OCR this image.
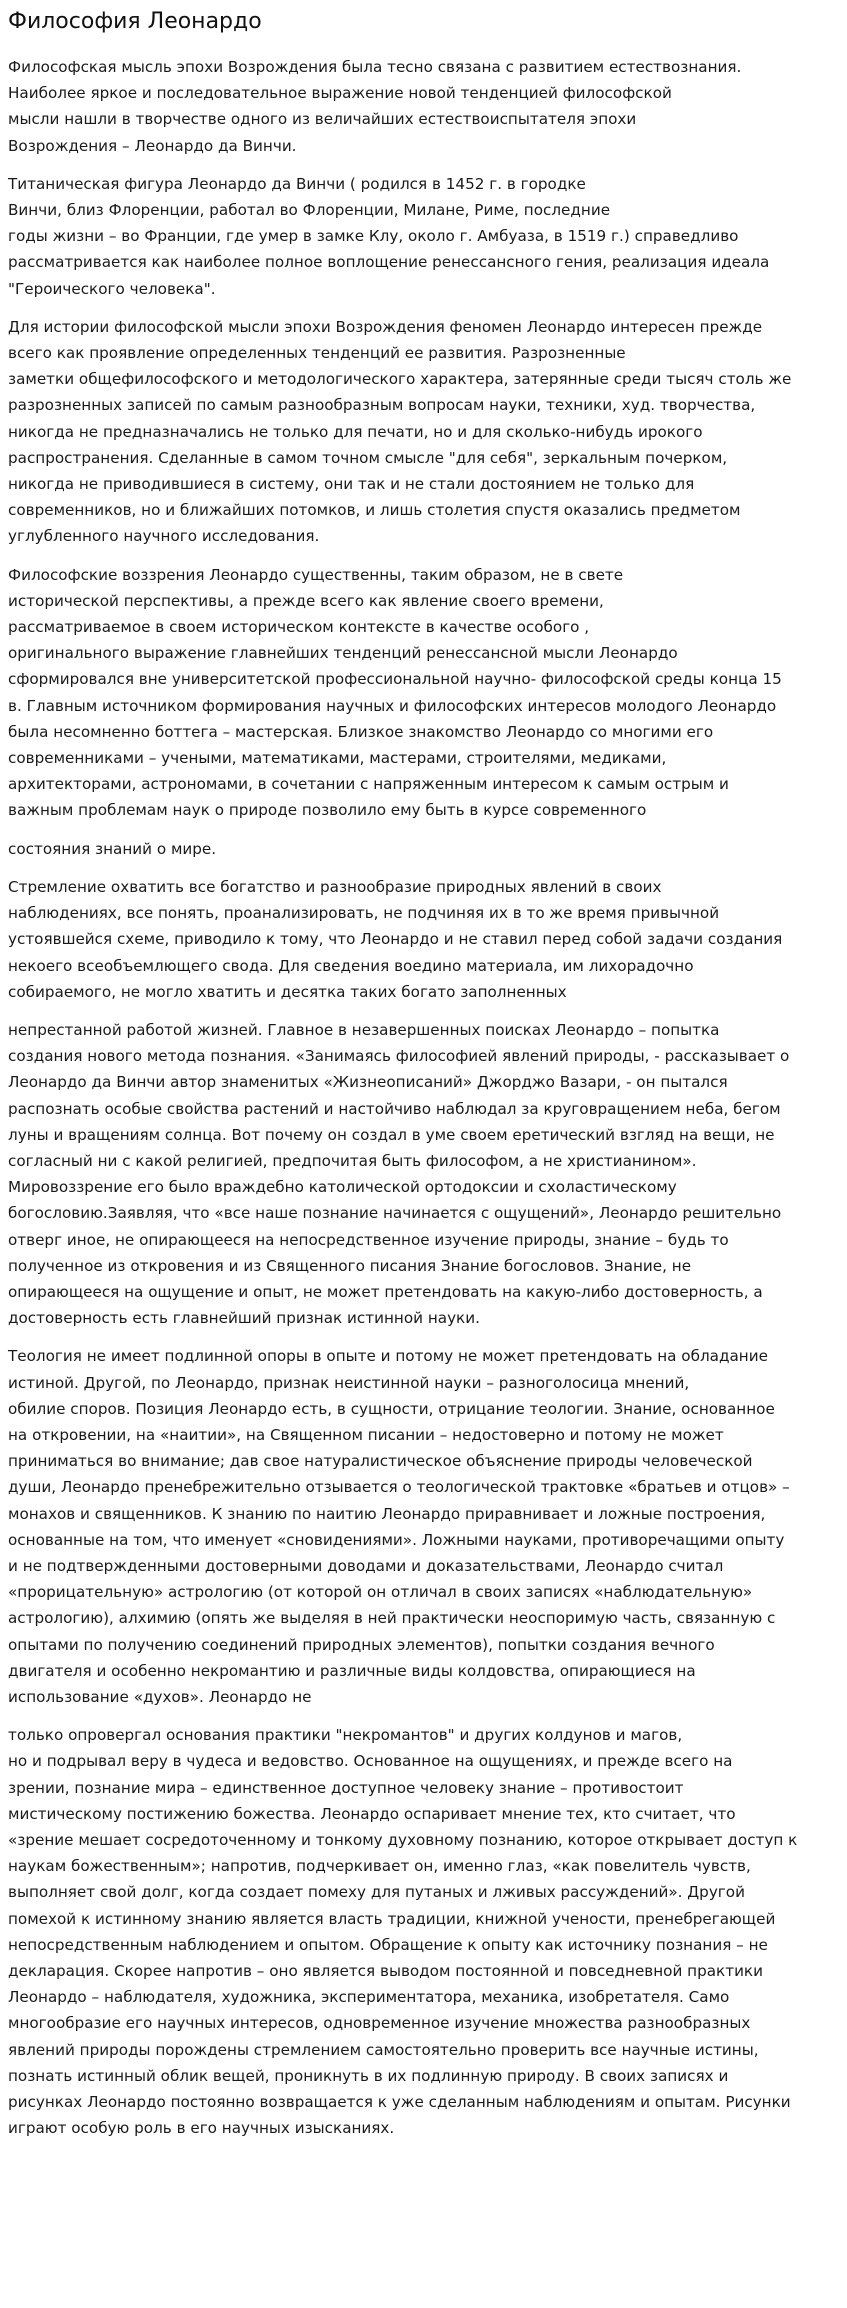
Философия Леонардо

Философская мысль эпохи Возрождения была тесно связана с развитием естествознания.
Наиболее яркое и последовательное выражение новой тенденцией философской
мысли нашли в творчестве одного из величайших естествоиспытателя эпохи
Возрождения – Леонардо да Винчи.

Титаническая фигура Леонардо да Винчи ( родился в 1452 г. в городке
Винчи, близ Флоренции, работал во Флоренции, Милане, Риме, последние
годы жизни – во Франции, где умер в замке Клу, около г. Амбуаза, в 1519 г.) справедливо
рассматривается как наиболее полное воплощение ренессансного гения, реализация идеала
"Героического человека".

Для истории философской мысли эпохи Возрождения феномен Леонардо интересен прежде
всего как проявление определенных тенденций ее развития. Разрозненные
заметки общефилософского и методологического характера, затерянные среди тысяч столь же
разрозненных записей по самым разнообразным вопросам науки, техники, худ. творчества,
никогда не предназначались не только для печати, но и для сколько-нибудь ирокого
распространения. Сделанные в самом точном смысле "для себя", зеркальным почерком,
никогда не приводившиеся в систему, они так и не стали достоянием не только для
современников, но и ближайших потомков, и лишь столетия спустя оказались предметом
углубленного научного исследования.

Философские воззрения Леонардо существенны, таким образом, не в свете
исторической перспективы, а прежде всего как явление своего времени,
рассматриваемое в своем историческом контексте в качестве особого ,
оригинального выражение главнейших тенденций ренессансной мысли Леонардо
сформировался вне университетской профессиональной научно- философской среды конца 15
в. Главным источником формирования научных и философских интересов молодого Леонардо
была несомненно боттега – мастерская. Близкое знакомство Леонардо со многими его
современниками – учеными, математиками, мастерами, строителями, медиками,
архитекторами, астрономами, в сочетании с напряженным интересом к самым острым и
важным проблемам наук о природе позволило ему быть в курсе современного

состояния знаний о мире.

Стремление охватить все богатство и разнообразие природных явлений в своих
наблюдениях, все понять, проанализировать, не подчиняя их в то же время привычной
устоявшейся схеме, приводило к тому, что Леонардо и не ставил перед собой задачи создания
некоего всеобъемлющего свода. Для сведения воедино материала, им лихорадочно
собираемого, не могло хватить и десятка таких богато заполненных

непрестанной работой жизней. Главное в незавершенных поисках Леонардо – попытка
создания нового метода познания. «Занимаясь философией явлений природы, - рассказывает о
Леонардо да Винчи автор знаменитых «Жизнеописаний» Джорджо Вазари, - он пытался
распознать особые свойства растений и настойчиво наблюдал за круговращением неба, бегом
луны и вращениям солнца. Вот почему он создал в уме своем еретический взгляд на вещи, не
согласный ни с какой религией, предпочитая быть философом, а не христианином».
Мировоззрение его было враждебно католической ортодоксии и схоластическому
богословию.Заявляя, что «все наше познание начинается с ощущений», Леонардо решительно
отверг иное, не опирающееся на непосредственное изучение природы, знание – будь то
полученное из откровения и из Священного писания Знание богословов. Знание, не
опирающееся на ощущение и опыт, не может претендовать на какую-либо достоверность, а
достоверность есть главнейший признак истинной науки.

Теология не имеет подлинной опоры в опыте и потому не может претендовать на обладание
истиной. Другой, по Леонардо, признак неистинной науки – разноголосица мнений,
обилие споров. Позиция Леонардо есть, в сущности, отрицание теологии. Знание, основанное
на откровении, на «наитии», на Священном писании – недостоверно и потому не может
приниматься во внимание; дав свое натуралистическое объяснение природы человеческой
души, Леонардо пренебрежительно отзывается о теологической трактовке «братьев и отцов» –
монахов и священников. К знанию по наитию Леонардо приравнивает и ложные построения,
основанные на том, что именует «сновидениями». Ложными науками, противоречащими опыту
и не подтвержденными достоверными доводами и доказательствами, Леонардо считал
«прорицательную» астрологию (от которой он отличал в своих записях «наблюдательную»
астрологию), алхимию (опять же выделяя в ней практически неоспоримую часть, связанную с
опытами по получению соединений природных элементов), попытки создания вечного
двигателя и особенно некромантию и различные виды колдовства, опирающиеся на
использование «духов». Леонардо не

только опровергал основания практики "некромантов" и других колдунов и магов,
но и подрывал веру в чудеса и ведовство. Основанное на ощущениях, и прежде всего на
зрении, познание мира – единственное доступное человеку знание – противостоит
мистическому постижению божества. Леонардо оспаривает мнение тех, кто считает, что
«зрение мешает сосредоточенному и тонкому духовному познанию, которое открывает доступ к
наукам божественным»; напротив, подчеркивает он, именно глаз, «как повелитель чувств,
выполняет свой долг, когда создает помеху для путаных и лживых рассуждений». Другой
помехой к истинному знанию является власть традиции, книжной учености, пренебрегающей
непосредственным наблюдением и опытом. Обращение к опыту как источнику познания – не
декларация. Скорее напротив – оно является выводом постоянной и повседневной практики
Леонардо – наблюдателя, художника, экспериментатора, механика, изобретателя. Само
многообразие его научных интересов, одновременное изучение множества разнообразных
явлений природы порождены стремлением самостоятельно проверить все научные истины,
познать истинный облик вещей, проникнуть в их подлинную природу. В своих записях и
рисунках Леонардо постоянно возвращается к уже сделанным наблюдениям и опытам. Рисунки
играют особую роль в его научных изысканиях.
